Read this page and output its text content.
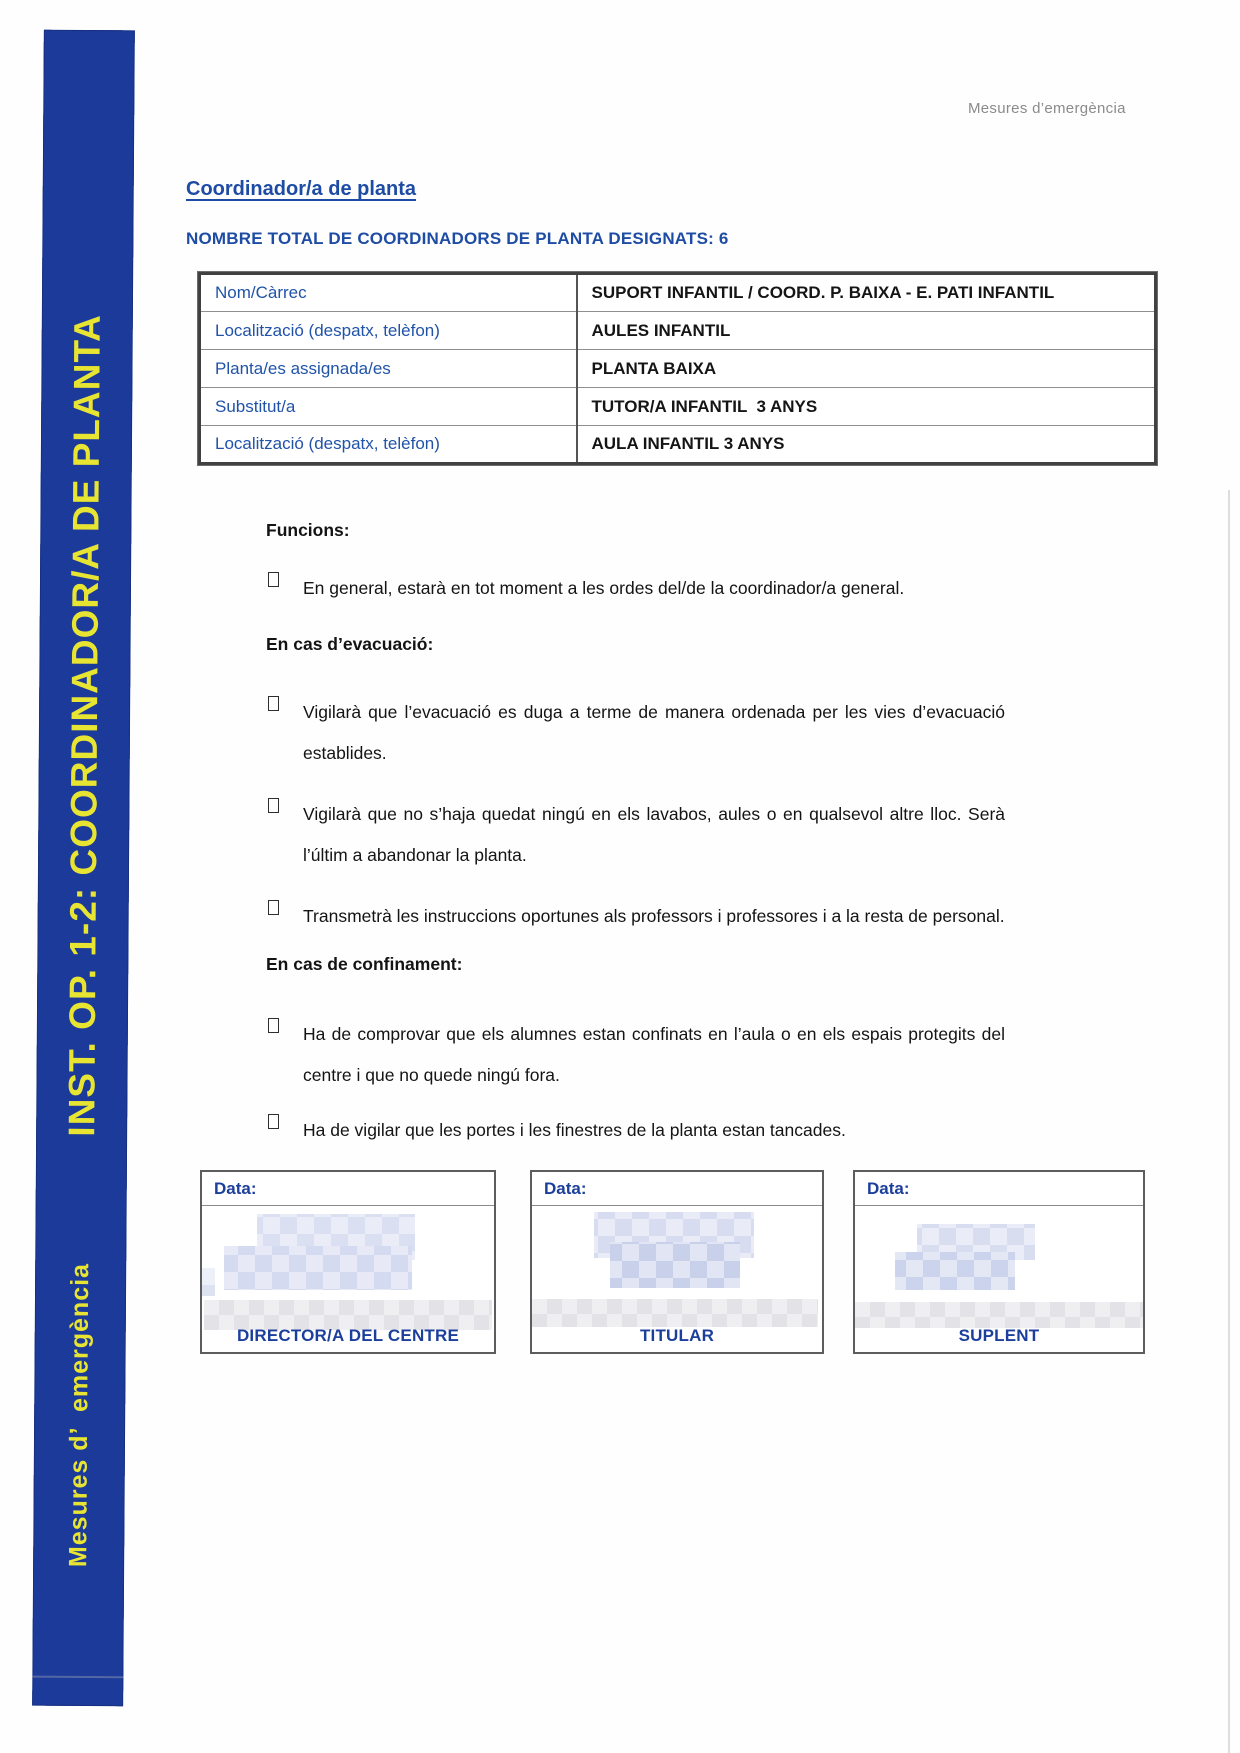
INST. OP. 1-2: COORDINADOR/A DE PLANTA
Mesures d’  emergència
Mesures d’emergència
Coordinador/a de planta
NOMBRE TOTAL DE COORDINADORS DE PLANTA DESIGNATS: 6
Nom/Càrrec	SUPORT INFANTIL / COORD. P. BAIXA - E. PATI INFANTIL
Localització (despatx, telèfon)	AULES INFANTIL
Planta/es assignada/es	PLANTA BAIXA
Substitut/a	TUTOR/A INFANTIL  3 ANYS
Localització (despatx, telèfon)	AULA INFANTIL 3 ANYS
Funcions:
En general, estarà en tot moment a les ordes del/de la coordinador/a general.
En cas d’evacuació:
Vigilarà que l’evacuació es duga a terme de manera ordenada per les vies d’evacuació establides.
Vigilarà que no s’haja quedat ningú en els lavabos, aules o en qualsevol altre lloc. Serà l’últim a abandonar la planta.
Transmetrà les instruccions oportunes als professors i professores i a la resta de personal.
En cas de confinament:
Ha de comprovar que els alumnes estan confinats en l’aula o en els espais protegits del centre i que no quede ningú fora.
Ha de vigilar que les portes i les finestres de la planta estan tancades.
Data:
DIRECTOR/A DEL CENTRE
Data:
TITULAR
Data:
SUPLENT
